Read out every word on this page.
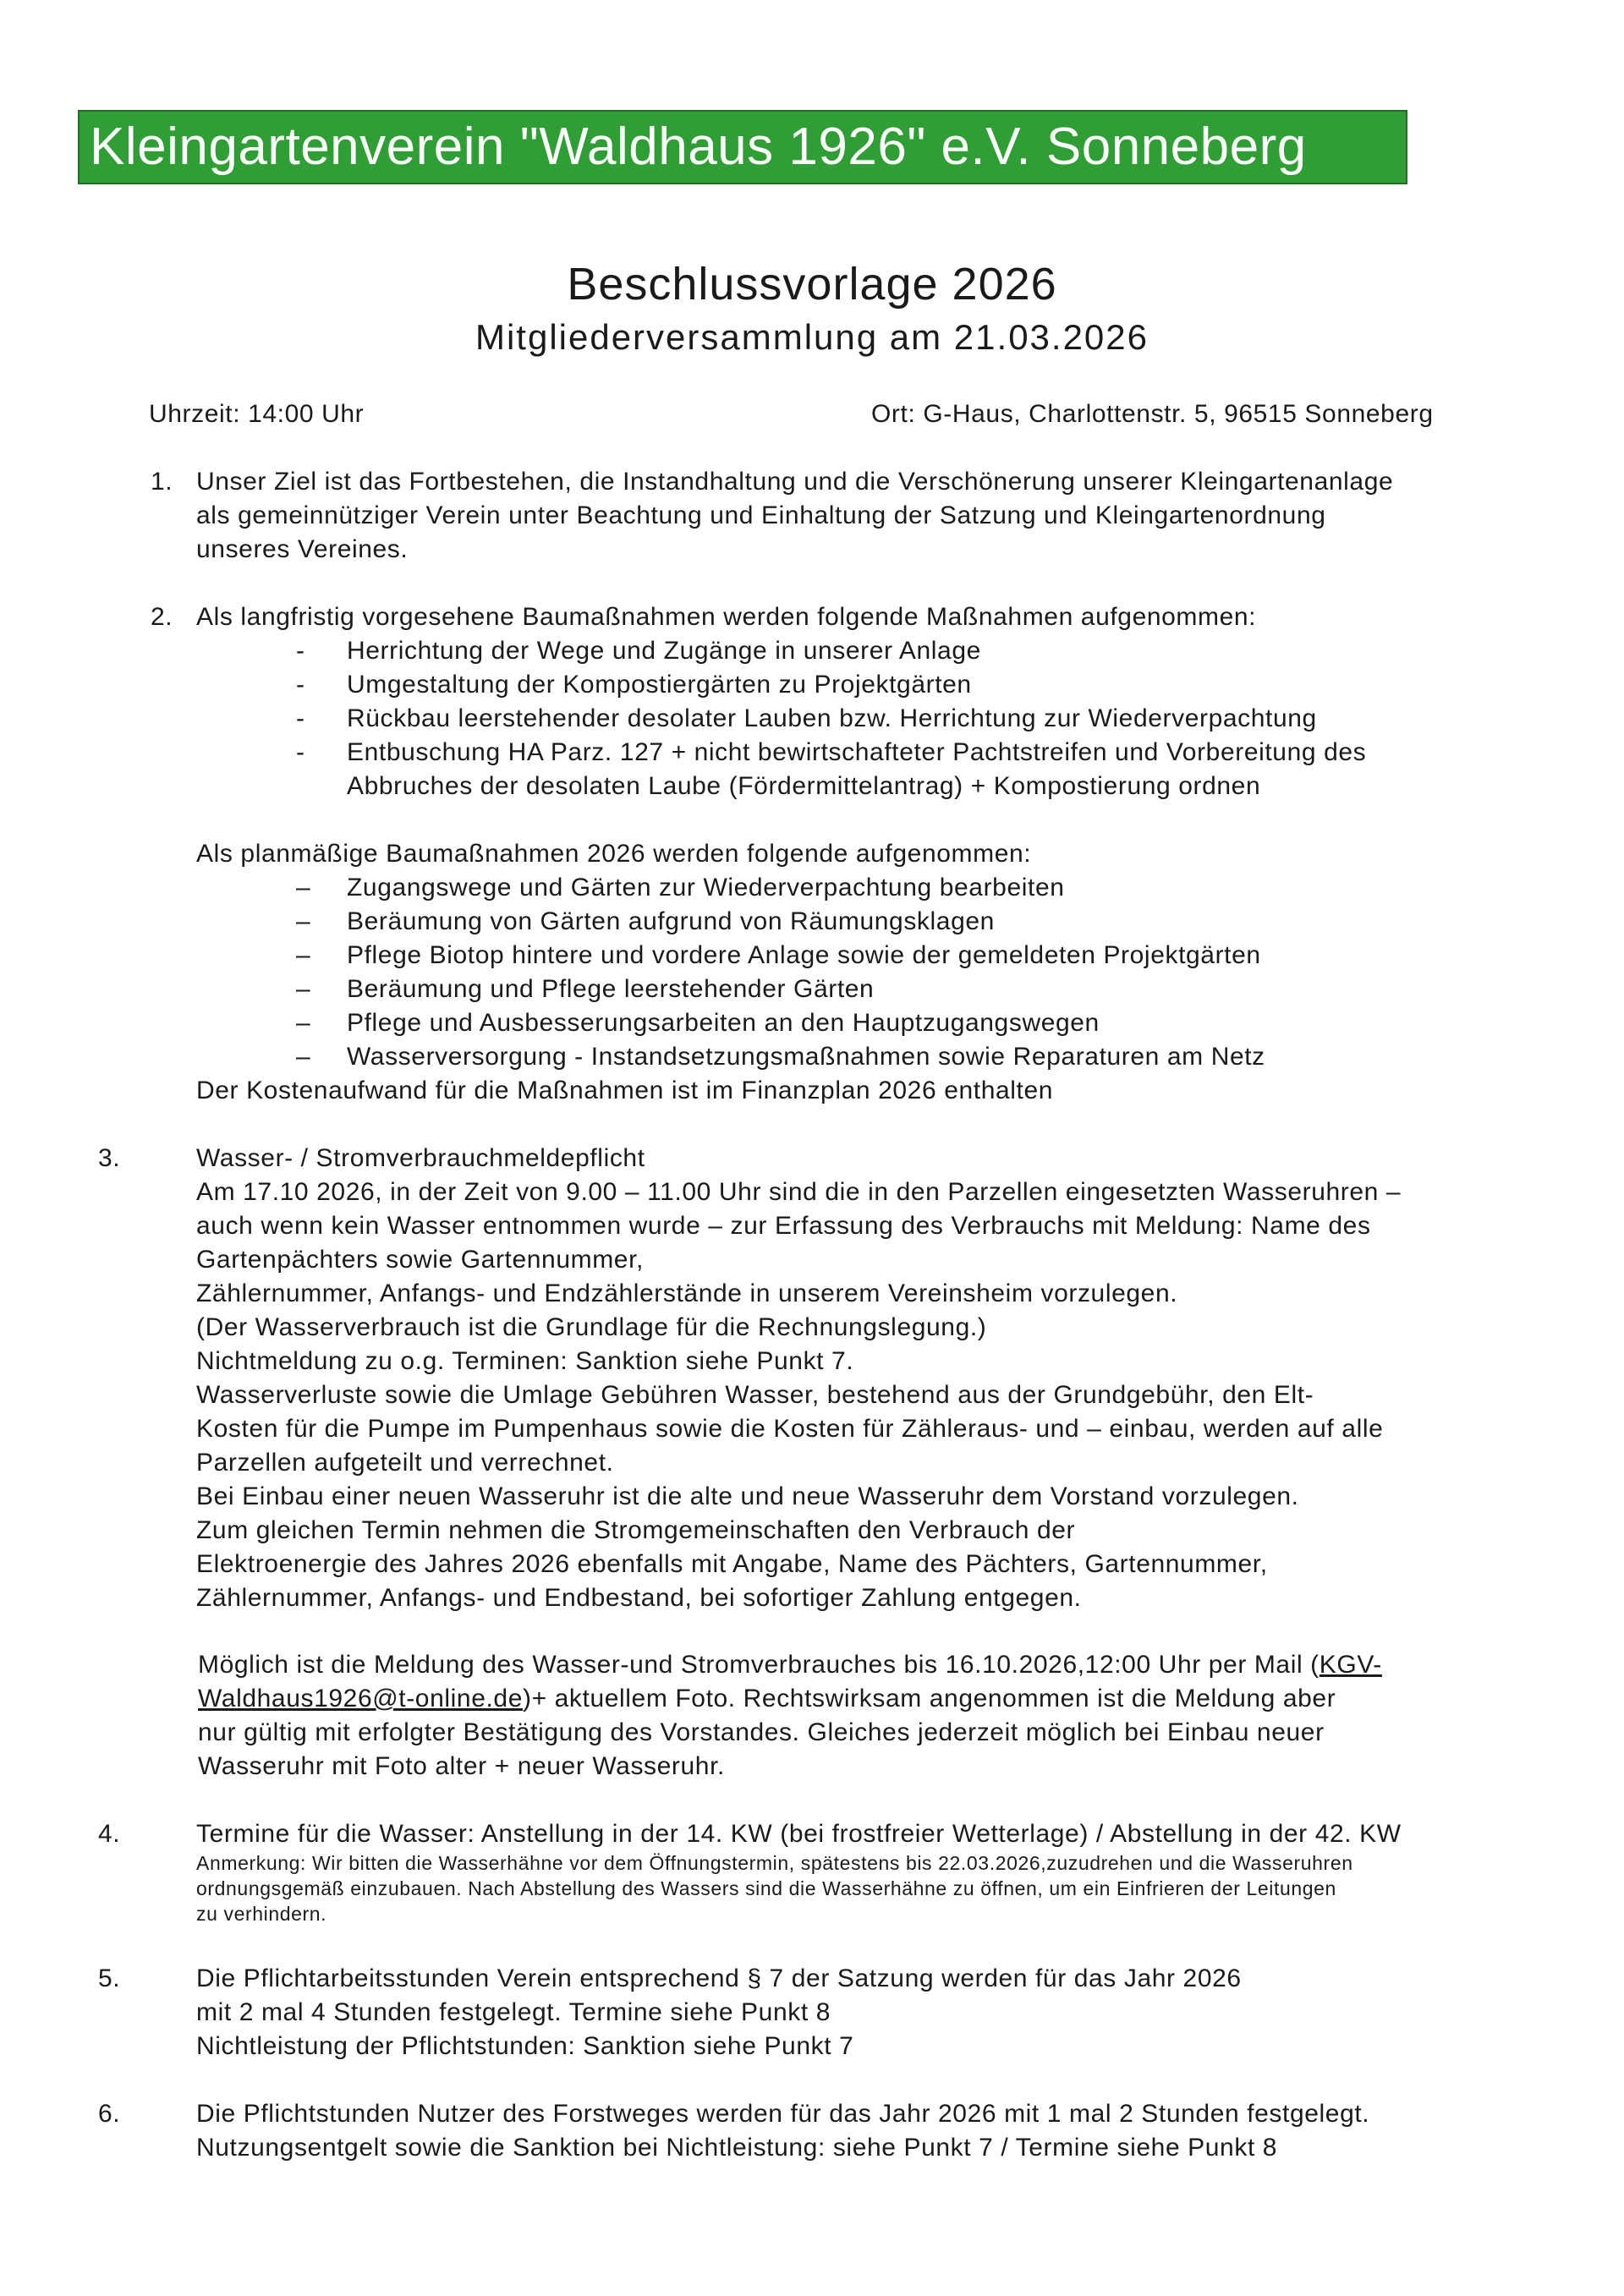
Kleingartenverein "Waldhaus 1926" e.V. Sonneberg
Beschlussvorlage 2026
Mitgliederversammlung am 21.03.2026
Uhrzeit: 14:00 Uhr	Ort: G-Haus, Charlottenstr. 5, 96515 Sonneberg
1. Unser Ziel ist das Fortbestehen, die Instandhaltung und die Verschönerung unserer Kleingartenanlage
als gemeinnütziger Verein unter Beachtung und Einhaltung der Satzung und Kleingartenordnung
unseres Vereines.
2. Als langfristig vorgesehene Baumaßnahmen werden folgende Maßnahmen aufgenommen:
- Herrichtung der Wege und Zugänge in unserer Anlage
- Umgestaltung der Kompostiergärten zu Projektgärten
- Rückbau leerstehender desolater Lauben bzw. Herrichtung zur Wiederverpachtung
- Entbuschung HA Parz. 127 + nicht bewirtschafteter Pachtstreifen und Vorbereitung des
Abbruches der desolaten Laube (Fördermittelantrag) + Kompostierung ordnen
Als planmäßige Baumaßnahmen 2026 werden folgende aufgenommen:
– Zugangswege und Gärten zur Wiederverpachtung bearbeiten
– Beräumung von Gärten aufgrund von Räumungsklagen
– Pflege Biotop hintere und vordere Anlage sowie der gemeldeten Projektgärten
– Beräumung und Pflege leerstehender Gärten
– Pflege und Ausbesserungsarbeiten an den Hauptzugangswegen
– Wasserversorgung - Instandsetzungsmaßnahmen sowie Reparaturen am Netz
Der Kostenaufwand für die Maßnahmen ist im Finanzplan 2026 enthalten
3.	Wasser- / Stromverbrauchmeldepflicht
Am 17.10 2026, in der Zeit von 9.00 – 11.00 Uhr sind die in den Parzellen eingesetzten Wasseruhren –
auch wenn kein Wasser entnommen wurde – zur Erfassung des Verbrauchs mit Meldung: Name des
Gartenpächters sowie Gartennummer,
Zählernummer, Anfangs- und Endzählerstände in unserem Vereinsheim vorzulegen.
(Der Wasserverbrauch ist die Grundlage für die Rechnungslegung.)
Nichtmeldung zu o.g. Terminen: Sanktion siehe Punkt 7.
Wasserverluste sowie die Umlage Gebühren Wasser, bestehend aus der Grundgebühr, den Elt-
Kosten für die Pumpe im Pumpenhaus sowie die Kosten für Zähleraus- und – einbau, werden auf alle
Parzellen aufgeteilt und verrechnet.
Bei Einbau einer neuen Wasseruhr ist die alte und neue Wasseruhr dem Vorstand vorzulegen.
Zum gleichen Termin nehmen die Stromgemeinschaften den Verbrauch der
Elektroenergie des Jahres 2026 ebenfalls mit Angabe, Name des Pächters, Gartennummer,
Zählernummer, Anfangs- und Endbestand, bei sofortiger Zahlung entgegen.
Möglich ist die Meldung des Wasser-und Stromverbrauches bis 16.10.2026,12:00 Uhr per Mail (KGV-
Waldhaus1926@t-online.de)+ aktuellem Foto. Rechtswirksam angenommen ist die Meldung aber
nur gültig mit erfolgter Bestätigung des Vorstandes. Gleiches jederzeit möglich bei Einbau neuer
Wasseruhr mit Foto alter + neuer Wasseruhr.
4.	Termine für die Wasser: Anstellung in der 14. KW (bei frostfreier Wetterlage) / Abstellung in der 42. KW
Anmerkung: Wir bitten die Wasserhähne vor dem Öffnungstermin, spätestens bis 22.03.2026,zuzudrehen und die Wasseruhren
ordnungsgemäß einzubauen. Nach Abstellung des Wassers sind die Wasserhähne zu öffnen, um ein Einfrieren der Leitungen
zu verhindern.
5.	Die Pflichtarbeitsstunden Verein entsprechend § 7 der Satzung werden für das Jahr 2026
mit 2 mal 4 Stunden festgelegt. Termine siehe Punkt 8
Nichtleistung der Pflichtstunden: Sanktion siehe Punkt 7
6.	Die Pflichtstunden Nutzer des Forstweges werden für das Jahr 2026 mit 1 mal 2 Stunden festgelegt.
Nutzungsentgelt sowie die Sanktion bei Nichtleistung: siehe Punkt 7 / Termine siehe Punkt 8
